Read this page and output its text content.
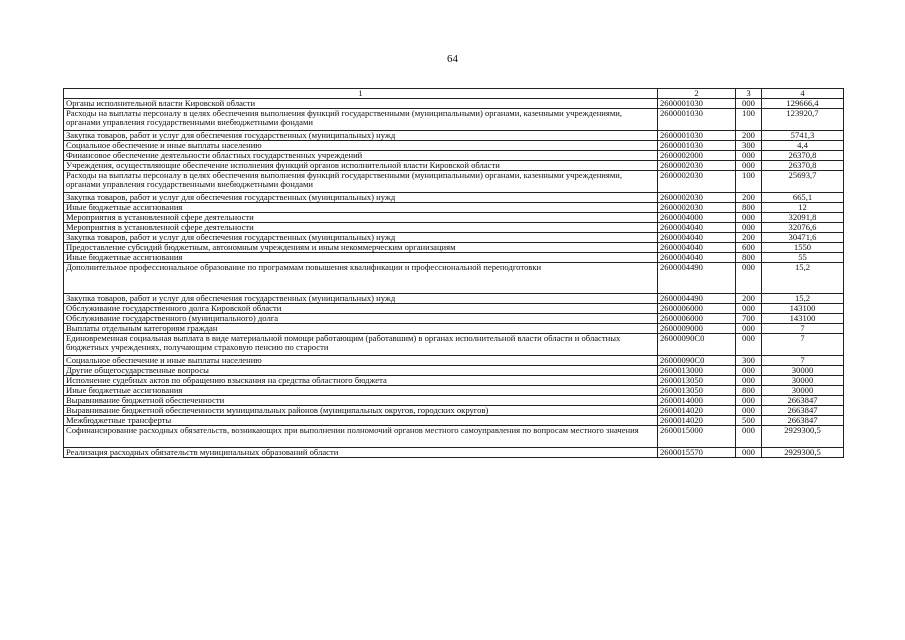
64
1	2	3	4
Органы исполнительной власти Кировской области	2600001030	000	129666,4
Расходы на выплаты персоналу в целях обеспечения выполнения функций государственными (муниципальными) органами, казенными учреждениями, органами управления государственными внебюджетными фондами	2600001030	100	123920,7
Закупка товаров, работ и услуг для обеспечения государственных (муниципальных) нужд	2600001030	200	5741,3
Социальное обеспечение и иные выплаты населению	2600001030	300	4,4
Финансовое обеспечение деятельности областных государственных учреждений	2600002000	000	26370,8
Учреждения, осуществляющие обеспечение исполнения функций органов исполнительной власти Кировской области	2600002030	000	26370,8
Расходы на выплаты персоналу в целях обеспечения выполнения функций государственными (муниципальными) органами, казенными учреждениями, органами управления государственными внебюджетными фондами	2600002030	100	25693,7
Закупка товаров, работ и услуг для обеспечения государственных (муниципальных) нужд	2600002030	200	665,1
Иные бюджетные ассигнования	2600002030	800	12
Мероприятия в установленной сфере деятельности	2600004000	000	32091,8
Мероприятия в установленной сфере деятельности	2600004040	000	32076,6
Закупка товаров, работ и услуг для обеспечения государственных (муниципальных) нужд	2600004040	200	30471,6
Предоставление субсидий бюджетным, автономным учреждениям и иным некоммерческим организациям	2600004040	600	1550
Иные бюджетные ассигнования	2600004040	800	55
Дополнительное профессиональное образование по программам повышения квалификации и профессиональной переподготовки	2600004490	000	15,2
Закупка товаров, работ и услуг для обеспечения государственных (муниципальных) нужд	2600004490	200	15,2
Обслуживание государственного долга Кировской области	2600006000	000	143100
Обслуживание государственного (муниципального) долга	2600006000	700	143100
Выплаты отдельным категориям граждан	2600009000	000	7
Единовременная социальная выплата в виде материальной помощи работающим (работавшим) в органах исполнительной власти области и областных бюджетных учреждениях, получающим страховую пенсию по старости	26000090С0	000	7
Социальное обеспечение и иные выплаты населению	26000090С0	300	7
Другие общегосударственные вопросы	2600013000	000	30000
Исполнение судебных актов по обращению взыскания на средства областного бюджета	2600013050	000	30000
Иные бюджетные ассигнования	2600013050	800	30000
Выравнивание бюджетной обеспеченности	2600014000	000	2663847
Выравнивание бюджетной обеспеченности муниципальных районов (муниципальных округов, городских округов)	2600014020	000	2663847
Межбюджетные трансферты	2600014020	500	2663847
Софинансирование расходных обязательств, возникающих при выполнении полномочий органов местного самоуправления по вопросам местного значения	2600015000	000	2929300,5
Реализация расходных обязательств муниципальных образований области	2600015570	000	2929300,5
